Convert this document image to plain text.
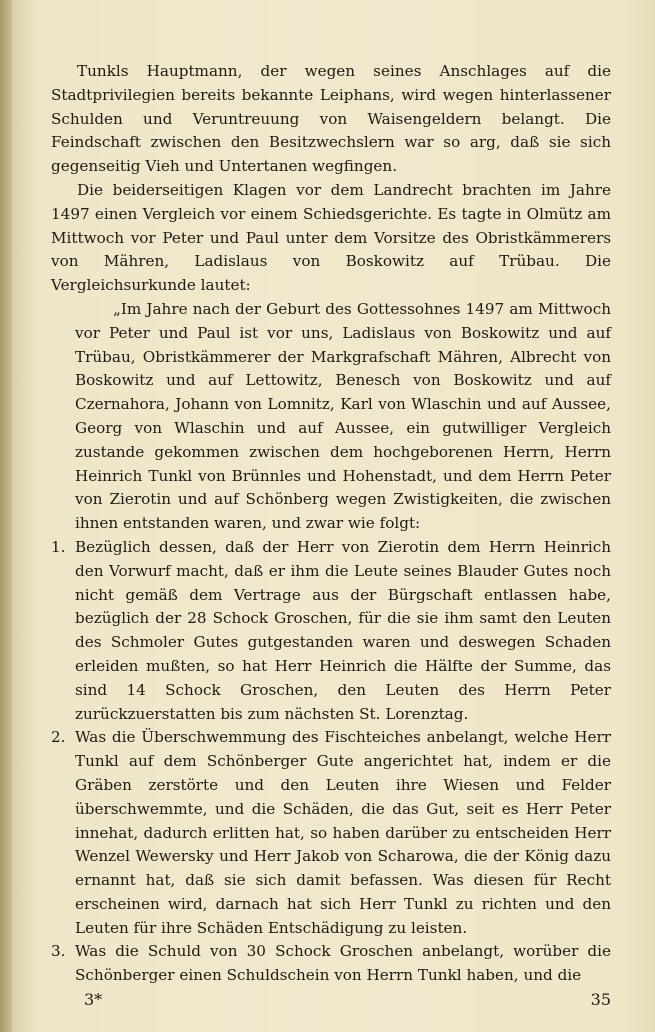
Tunkls Hauptmann, der wegen seines Anschlages auf die Stadtprivilegien bereits bekannte Leiphans, wird wegen hinterlassener Schulden und Veruntreuung von Waisengeldern belangt. Die Feindschaft zwischen den Besitzwechslern war so arg, daß sie sich gegenseitig Vieh und Untertanen wegfingen.

Die beiderseitigen Klagen vor dem Landrecht brachten im Jahre 1497 einen Vergleich vor einem Schiedsgerichte. Es tagte in Olmütz am Mittwoch vor Peter und Paul unter dem Vorsitze des Obristkämmerers von Mähren, Ladislaus von Boskowitz auf Trübau. Die Vergleichsurkunde lautet:

„Im Jahre nach der Geburt des Gottessohnes 1497 am Mittwoch vor Peter und Paul ist vor uns, Ladislaus von Boskowitz und auf Trübau, Obristkämmerer der Markgrafschaft Mähren, Albrecht von Boskowitz und auf Lettowitz, Benesch von Boskowitz und auf Czernahora, Johann von Lomnitz, Karl von Wlaschin und auf Aussee, Georg von Wlaschin und auf Aussee, ein gutwilliger Vergleich zustande gekommen zwischen dem hochgeborenen Herrn, Herrn Heinrich Tunkl von Brünnles und Hohenstadt, und dem Herrn Peter von Zierotin und auf Schönberg wegen Zwistigkeiten, die zwischen ihnen entstanden waren, und zwar wie folgt:

1. Bezüglich dessen, daß der Herr von Zierotin dem Herrn Heinrich den Vorwurf macht, daß er ihm die Leute seines Blauder Gutes noch nicht gemäß dem Vertrage aus der Bürgschaft entlassen habe, bezüglich der 28 Schock Groschen, für die sie ihm samt den Leuten des Schmoler Gutes gutgestanden waren und deswegen Schaden erleiden mußten, so hat Herr Heinrich die Hälfte der Summe, das sind 14 Schock Groschen, den Leuten des Herrn Peter zurückzuerstatten bis zum nächsten St. Lorenztag.
2. Was die Überschwemmung des Fischteiches anbelangt, welche Herr Tunkl auf dem Schönberger Gute angerichtet hat, indem er die Gräben zerstörte und den Leuten ihre Wiesen und Felder überschwemmte, und die Schäden, die das Gut, seit es Herr Peter innehat, dadurch erlitten hat, so haben darüber zu entscheiden Herr Wenzel Wewersky und Herr Jakob von Scharowa, die der König dazu ernannt hat, daß sie sich damit befassen. Was diesen für Recht erscheinen wird, darnach hat sich Herr Tunkl zu richten und den Leuten für ihre Schäden Entschädigung zu leisten.
3. Was die Schuld von 30 Schock Groschen anbelangt, worüber die Schönberger einen Schuldschein von Herrn Tunkl haben, und die
3*	35
